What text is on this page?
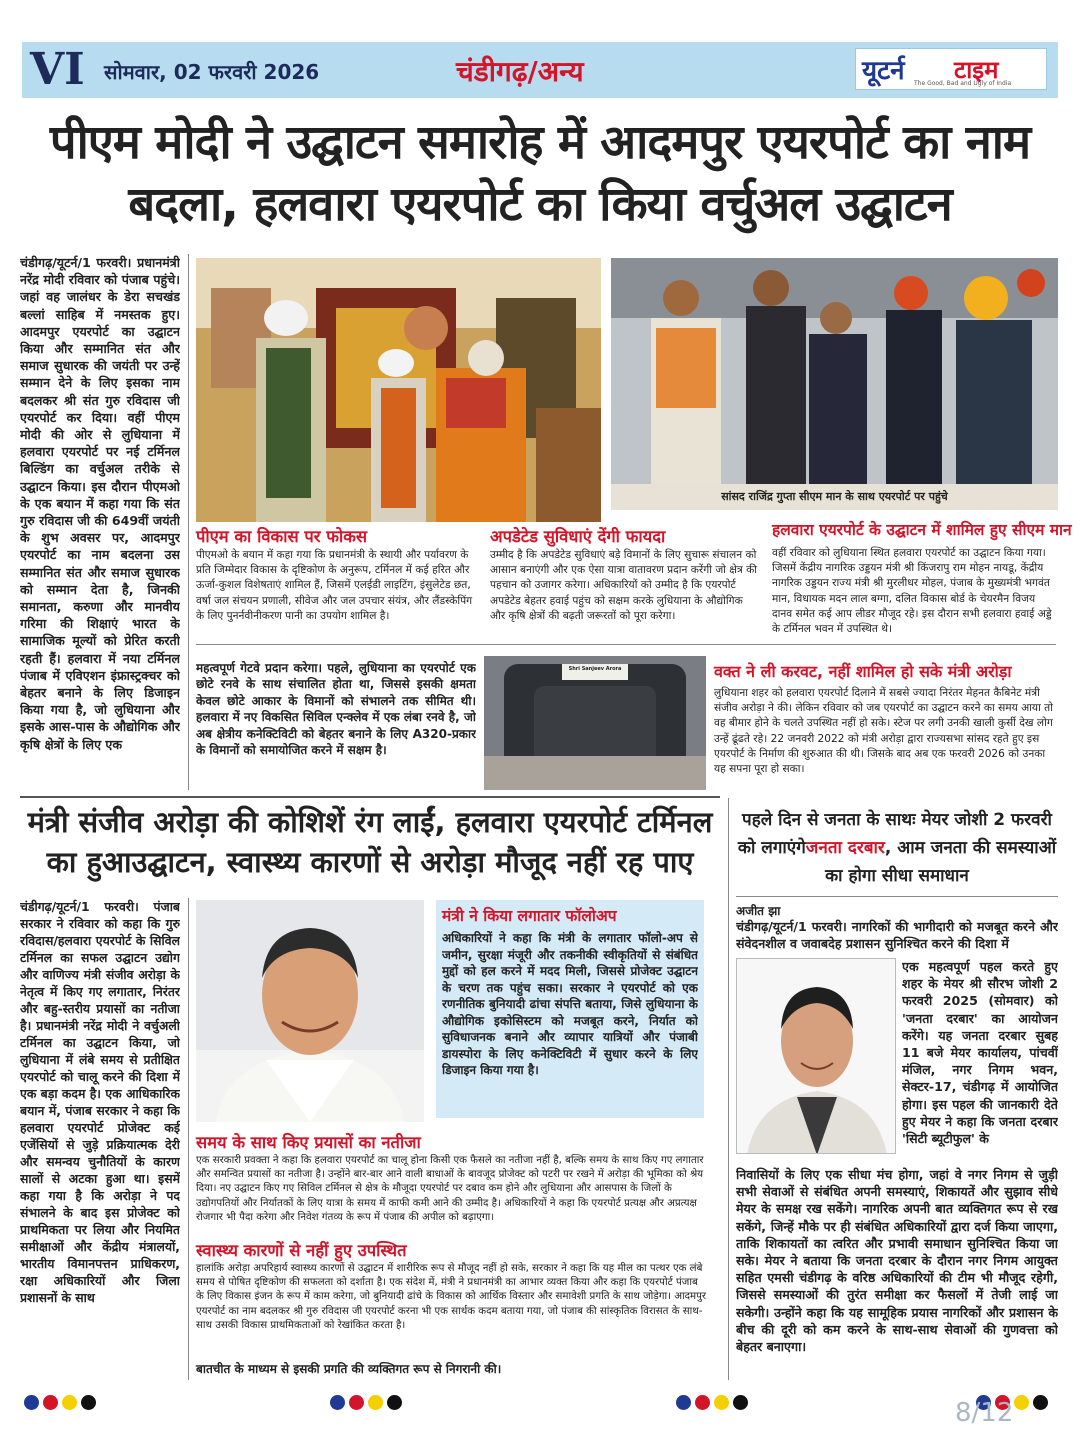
VI सोमवार, 02 फरवरी 2026	चंडीगढ़/अन्य	यूटर्न टाइम
The Good, Bad and Ugly of India
पीएम मोदी ने उद्घाटन समारोह में आदमपुर एयरपोर्ट का नाम बदला, हलवारा एयरपोर्ट का किया वर्चुअल उद्घाटन
चंडीगढ़/यूटर्न/1 फरवरी। प्रधानमंत्री नरेंद्र मोदी रविवार को पंजाब पहुंचे। जहां वह जालंधर के डेरा सचखंड बल्लां साहिब में नमस्तक हुए। आदमपुर एयरपोर्ट का उद्घाटन किया और सम्मानित संत और समाज सुधारक की जयंती पर उन्हें सम्मान देने के लिए इसका नाम बदलकर श्री संत गुरु रविदास जी एयरपोर्ट कर दिया। वहीं पीएम मोदी की ओर से लुधियाना में हलवारा एयरपोर्ट पर नई टर्मिनल बिल्डिंग का वर्चुअल तरीके से उद्घाटन किया। इस दौरान पीएमओ के एक बयान में कहा गया कि संत गुरु रविदास जी की 649वीं जयंती के शुभ अवसर पर, आदमपुर एयरपोर्ट का नाम बदलना उस सम्मानित संत और समाज सुधारक को सम्मान देता है, जिनकी समानता, करुणा और मानवीय गरिमा की शिक्षाएं भारत के सामाजिक मूल्यों को प्रेरित करती रहती हैं। हलवारा में नया टर्मिनल पंजाब में एविएशन इंफ्रास्ट्रक्चर को बेहतर बनाने के लिए डिजाइन किया गया है, जो लुधियाना और इसके आस-पास के औद्योगिक और कृषि क्षेत्रों के लिए एक
सांसद राजिंद्र गुप्ता सीएम मान के साथ एयरपोर्ट पर पहुंचे
पीएम का विकास पर फोकस
पीएमओ के बयान में कहा गया कि प्रधानमंत्री के स्थायी और पर्यावरण के प्रति जिम्मेदार विकास के दृष्टिकोण के अनुरूप, टर्मिनल में कई हरित और ऊर्जा-कुशल विशेषताएं शामिल हैं, जिसमें एलईडी लाइटिंग, इंसुलेटेड छत, वर्षा जल संचयन प्रणाली, सीवेज और जल उपचार संयंत्र, और लैंडस्केपिंग के लिए पुनर्नवीनीकरण पानी का उपयोग शामिल है।
अपडेटेड सुविधाएं देंगी फायदा
उम्मीद है कि अपडेटेड सुविधाएं बड़े विमानों के लिए सुचारू संचालन को आसान बनाएंगी और एक ऐसा यात्रा वातावरण प्रदान करेंगी जो क्षेत्र की पहचान को उजागर करेगा। अधिकारियों को उम्मीद है कि एयरपोर्ट अपडेटेड बेहतर हवाई पहुंच को सक्षम करके लुधियाना के औद्योगिक और कृषि क्षेत्रों की बढ़ती जरूरतों को पूरा करेगा।
हलवारा एयरपोर्ट के उद्घाटन में शामिल हुए सीएम मान
वहीं रविवार को लुधियाना स्थित हलवारा एयरपोर्ट का उद्घाटन किया गया। जिसमें केंद्रीय नागरिक उड्डयन मंत्री श्री किंजरापु राम मोहन नायडू, केंद्रीय नागरिक उड्डयन राज्य मंत्री श्री मुरलीधर मोहल, पंजाब के मुख्यमंत्री भगवंत मान, विधायक मदन लाल बग्गा, दलित विकास बोर्ड के चेयरमैन विजय दानव समेत कई आप लीडर मौजूद रहे। इस दौरान सभी हलवारा हवाई अड्डे के टर्मिनल भवन में उपस्थित थे।
महत्वपूर्ण गेटवे प्रदान करेगा। पहले, लुधियाना का एयरपोर्ट एक छोटे रनवे के साथ संचालित होता था, जिससे इसकी क्षमता केवल छोटे आकार के विमानों को संभालने तक सीमित थी। हलवारा में नए विकसित सिविल एन्क्लेव में एक लंबा रनवे है, जो अब क्षेत्रीय कनेक्टिविटी को बेहतर बनाने के लिए A320-प्रकार के विमानों को समायोजित करने में सक्षम है।
Shri Sanjeev Arora	वक्त ने ली करवट, नहीं शामिल हो सके मंत्री अरोड़ा
लुधियाना शहर को हलवारा एयरपोर्ट दिलाने में सबसे ज्यादा निरंतर मेहनत कैबिनेट मंत्री संजीव अरोड़ा ने की। लेकिन रविवार को जब एयरपोर्ट का उद्घाटन करने का समय आया तो वह बीमार होने के चलते उपस्थित नहीं हो सके। स्टेज पर लगी उनकी खाली कुर्सी देख लोग उन्हें ढूंढते रहे। 22 जनवरी 2022 को मंत्री अरोड़ा द्वारा राज्यसभा सांसद रहते हुए इस एयरपोर्ट के निर्माण की शुरुआत की थी। जिसके बाद अब एक फरवरी 2026 को उनका यह सपना पूरा हो सका।
मंत्री संजीव अरोड़ा की कोशिशें रंग लाईं, हलवारा एयरपोर्ट टर्मिनल का हुआउद्घाटन, स्वास्थ्य कारणों से अरोड़ा मौजूद नहीं रह पाए
चंडीगढ़/यूटर्न/1 फरवरी। पंजाब सरकार ने रविवार को कहा कि गुरु रविदास/हलवारा एयरपोर्ट के सिविल टर्मिनल का सफल उद्घाटन उद्योग और वाणिज्य मंत्री संजीव अरोड़ा के नेतृत्व में किए गए लगातार, निरंतर और बहु-स्तरीय प्रयासों का नतीजा है। प्रधानमंत्री नरेंद्र मोदी ने वर्चुअली टर्मिनल का उद्घाटन किया, जो लुधियाना में लंबे समय से प्रतीक्षित एयरपोर्ट को चालू करने की दिशा में एक बड़ा कदम है। एक आधिकारिक बयान में, पंजाब सरकार ने कहा कि हलवारा एयरपोर्ट प्रोजेक्ट कई एजेंसियों से जुड़े प्रक्रियात्मक देरी और समन्वय चुनौतियों के कारण सालों से अटका हुआ था। इसमें कहा गया है कि अरोड़ा ने पद संभालने के बाद इस प्रोजेक्ट को प्राथमिकता पर लिया और नियमित समीक्षाओं और केंद्रीय मंत्रालयों, भारतीय विमानपत्तन प्राधिकरण, रक्षा अधिकारियों और जिला प्रशासनों के साथ
मंत्री ने किया लगातार फॉलोअप
अधिकारियों ने कहा कि मंत्री के लगातार फॉलो-अप से जमीन, सुरक्षा मंजूरी और तकनीकी स्वीकृतियों से संबंधित मुद्दों को हल करने में मदद मिली, जिससे प्रोजेक्ट उद्घाटन के चरण तक पहुंच सका। सरकार ने एयरपोर्ट को एक रणनीतिक बुनियादी ढांचा संपत्ति बताया, जिसे लुधियाना के औद्योगिक इकोसिस्टम को मजबूत करने, निर्यात को सुविधाजनक बनाने और व्यापार यात्रियों और पंजाबी डायस्पोरा के लिए कनेक्टिविटी में सुधार करने के लिए डिजाइन किया गया है।
समय के साथ किए प्रयासों का नतीजा
एक सरकारी प्रवक्ता ने कहा कि हलवारा एयरपोर्ट का चालू होना किसी एक फैसले का नतीजा नहीं है, बल्कि समय के साथ किए गए लगातार और समन्वित प्रयासों का नतीजा है। उन्होंने बार-बार आने वाली बाधाओं के बावजूद प्रोजेक्ट को पटरी पर रखने में अरोड़ा की भूमिका को श्रेय दिया। नए उद्घाटन किए गए सिविल टर्मिनल से क्षेत्र के मौजूदा एयरपोर्ट पर दबाव कम होने और लुधियाना और आसपास के जिलों के उद्योगपतियों और निर्यातकों के लिए यात्रा के समय में काफी कमी आने की उम्मीद है। अधिकारियों ने कहा कि एयरपोर्ट प्रत्यक्ष और अप्रत्यक्ष रोजगार भी पैदा करेगा और निवेश गंतव्य के रूप में पंजाब की अपील को बढ़ाएगा।
स्वास्थ्य कारणों से नहीं हुए उपस्थित
हालांकि अरोड़ा अपरिहार्य स्वास्थ्य कारणों से उद्घाटन में शारीरिक रूप से मौजूद नहीं हो सके, सरकार ने कहा कि यह मील का पत्थर एक लंबे समय से पोषित दृष्टिकोण की सफलता को दर्शाता है। एक संदेश में, मंत्री ने प्रधानमंत्री का आभार व्यक्त किया और कहा कि एयरपोर्ट पंजाब के लिए विकास इंजन के रूप में काम करेगा, जो बुनियादी ढांचे के विकास को आर्थिक विस्तार और समावेशी प्रगति के साथ जोड़ेगा। आदमपुर एयरपोर्ट का नाम बदलकर श्री गुरु रविदास जी एयरपोर्ट करना भी एक सार्थक कदम बताया गया, जो पंजाब की सांस्कृतिक विरासत के साथ-साथ उसकी विकास प्राथमिकताओं को रेखांकित करता है।
बातचीत के माध्यम से इसकी प्रगति की व्यक्तिगत रूप से निगरानी की।
पहले दिन से जनता के साथः मेयर जोशी 2 फरवरी को लगाएंगेजनता दरबार, आम जनता की समस्याओं का होगा सीधा समाधान
अजीत झा
चंडीगढ़/यूटर्न/1 फरवरी। नागरिकों की भागीदारी को मजबूत करने और संवेदनशील व जवाबदेह प्रशासन सुनिश्चित करने की दिशा में
एक महत्वपूर्ण पहल करते हुए शहर के मेयर श्री सौरभ जोशी 2 फरवरी 2025 (सोमवार) को 'जनता दरबार' का आयोजन करेंगे। यह जनता दरबार सुबह 11 बजे मेयर कार्यालय, पांचवीं मंजिल, नगर निगम भवन, सेक्टर-17, चंडीगढ़ में आयोजित होगा। इस पहल की जानकारी देते हुए मेयर ने कहा कि जनता दरबार 'सिटी ब्यूटीफुल' के
निवासियों के लिए एक सीधा मंच होगा, जहां वे नगर निगम से जुड़ी सभी सेवाओं से संबंधित अपनी समस्याएं, शिकायतें और सुझाव सीधे मेयर के समक्ष रख सकेंगे। नागरिक अपनी बात व्यक्तिगत रूप से रख सकेंगे, जिन्हें मौके पर ही संबंधित अधिकारियों द्वारा दर्ज किया जाएगा, ताकि शिकायतों का त्वरित और प्रभावी समाधान सुनिश्चित किया जा सके। मेयर ने बताया कि जनता दरबार के दौरान नगर निगम आयुक्त सहित एमसी चंडीगढ़ के वरिष्ठ अधिकारियों की टीम भी मौजूद रहेगी, जिससे समस्याओं की तुरंत समीक्षा कर फैसलों में तेजी लाई जा सकेगी। उन्होंने कहा कि यह सामूहिक प्रयास नागरिकों और प्रशासन के बीच की दूरी को कम करने के साथ-साथ सेवाओं की गुणवत्ता को बेहतर बनाएगा।
8/12
